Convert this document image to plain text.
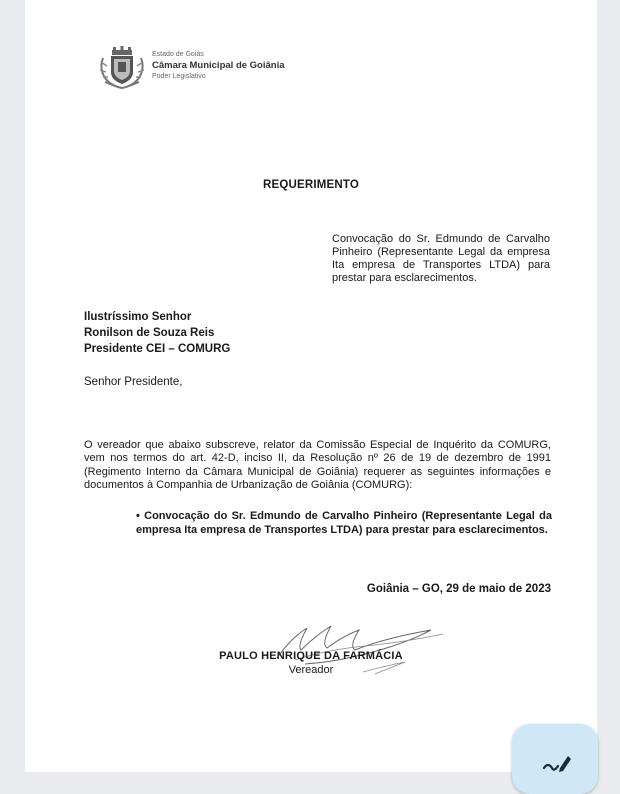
Estado de Goiás
Câmara Municipal de Goiânia
Poder Legislativo
REQUERIMENTO
Convocação do Sr. Edmundo de Carvalho Pinheiro (Representante Legal da empresa Ita empresa de Transportes LTDA) para prestar para esclarecimentos.
Ilustríssimo Senhor
Ronilson de Souza Reis
Presidente CEI – COMURG
Senhor Presidente,
O vereador que abaixo subscreve, relator da Comissão Especial de Inquérito da COMURG, vem nos termos do art. 42-D, inciso II, da Resolução nº 26 de 19 de dezembro de 1991 (Regimento Interno da Câmara Municipal de Goiânia) requerer as seguintes informações e documentos à Companhia de Urbanização de Goiânia (COMURG):
• Convocação do Sr. Edmundo de Carvalho Pinheiro (Representante Legal da empresa Ita empresa de Transportes LTDA) para prestar para esclarecimentos.
Goiânia – GO, 29 de maio de 2023
PAULO HENRIQUE DA FARMÁCIA
Vereador
